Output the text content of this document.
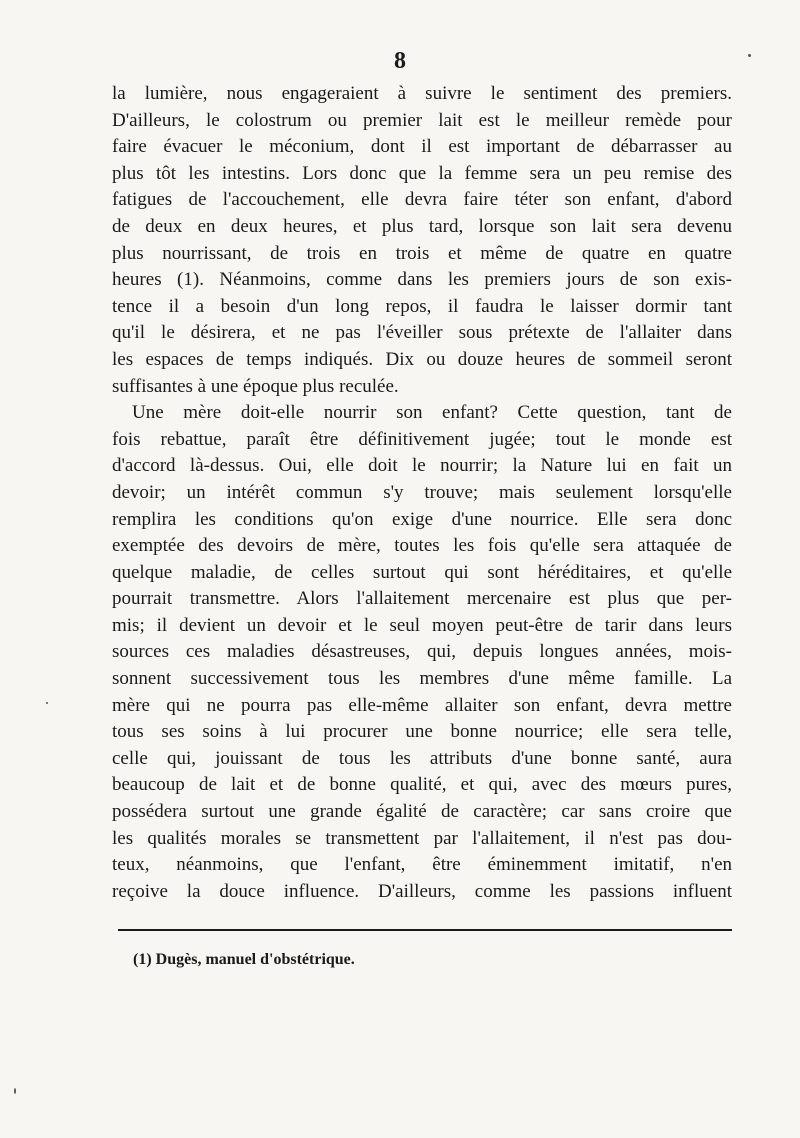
8
la lumière, nous engageraient à suivre le sentiment des premiers.
D'ailleurs, le colostrum ou premier lait est le meilleur remède pour
faire évacuer le méconium, dont il est important de débarrasser au
plus tôt les intestins. Lors donc que la femme sera un peu remise des
fatigues de l'accouchement, elle devra faire téter son enfant, d'abord
de deux en deux heures, et plus tard, lorsque son lait sera devenu
plus nourrissant, de trois en trois et même de quatre en quatre
heures (1). Néanmoins, comme dans les premiers jours de son exis-
tence il a besoin d'un long repos, il faudra le laisser dormir tant
qu'il le désirera, et ne pas l'éveiller sous prétexte de l'allaiter dans
les espaces de temps indiqués. Dix ou douze heures de sommeil seront
suffisantes à une époque plus reculée.
Une mère doit-elle nourrir son enfant? Cette question, tant de
fois rebattue, paraît être définitivement jugée; tout le monde est
d'accord là-dessus. Oui, elle doit le nourrir; la Nature lui en fait un
devoir; un intérêt commun s'y trouve; mais seulement lorsqu'elle
remplira les conditions qu'on exige d'une nourrice. Elle sera donc
exemptée des devoirs de mère, toutes les fois qu'elle sera attaquée de
quelque maladie, de celles surtout qui sont héréditaires, et qu'elle
pourrait transmettre. Alors l'allaitement mercenaire est plus que per-
mis; il devient un devoir et le seul moyen peut-être de tarir dans leurs
sources ces maladies désastreuses, qui, depuis longues années, mois-
sonnent successivement tous les membres d'une même famille. La
mère qui ne pourra pas elle-même allaiter son enfant, devra mettre
tous ses soins à lui procurer une bonne nourrice; elle sera telle,
celle qui, jouissant de tous les attributs d'une bonne santé, aura
beaucoup de lait et de bonne qualité, et qui, avec des mœurs pures,
possédera surtout une grande égalité de caractère; car sans croire que
les qualités morales se transmettent par l'allaitement, il n'est pas dou-
teux, néanmoins, que l'enfant, être éminemment imitatif, n'en
reçoive la douce influence. D'ailleurs, comme les passions influent
(1) Dugès, manuel d'obstétrique.
